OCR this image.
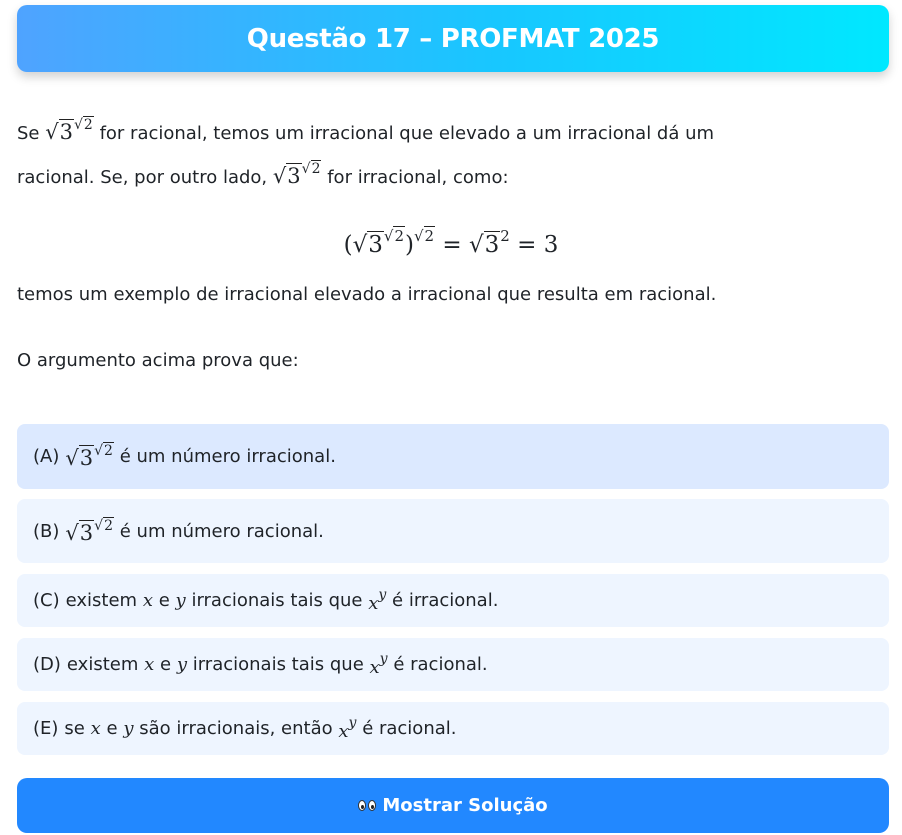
Questão 17 – PROFMAT 2025
Se $√3^{√2}$ for racional, temos um irracional que elevado a um irracional dá um
racional. Se, por outro lado, $√3^{√2}$ for irracional, como:
$(√3^{√2})^{√2} = √3^2 = 3$
temos um exemplo de irracional elevado a irracional que resulta em racional.
O argumento acima prova que:
(A) $√3^{√2}$
é um número irracional.
(B) $√3^{√2}$
é um número racional.
(C) existem
x
e
y
irracionais tais que
$x^y$
é irracional.
(D) existem
x
e
y
irracionais tais que
$x^y$
é racional.
(E) se
x
e
y
são irracionais, então
$x^y$
é racional.
Mostrar Solução
